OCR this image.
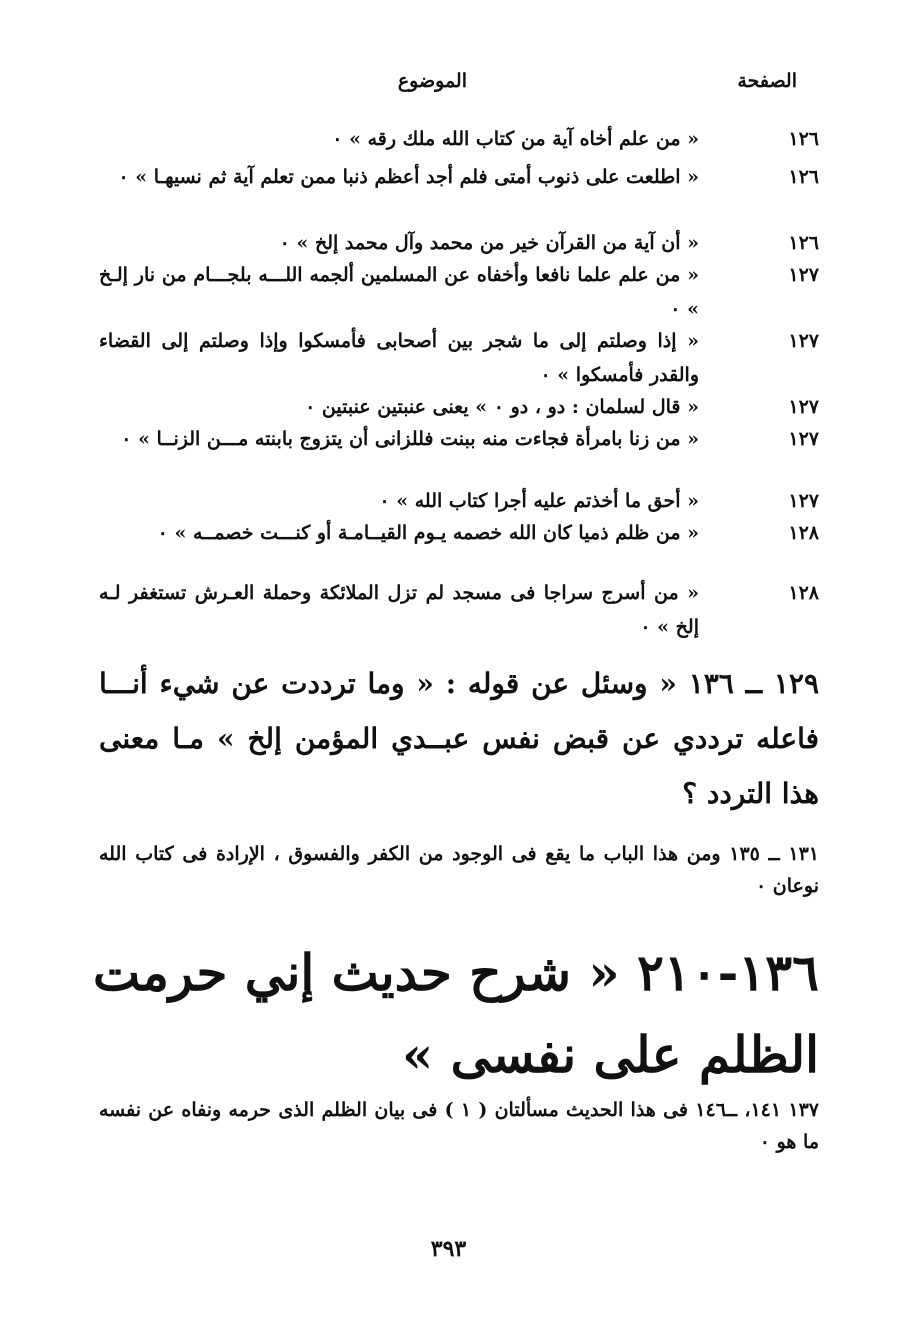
الصفحة
الموضوع
١٢٦
« من علم أخاه آية من كتاب الله ملك رقه » ٠
١٢٦
« اطلعت على ذنوب أمتى فلم أجد أعظم ذنبا ممن تعلم آية ثم نسيهـا » ٠
١٢٦
« أن آية من القرآن خير من محمد وآل محمد إلخ » ٠
١٢٧
« من علم علما نافعا وأخفاه عن المسلمين ألجمه اللـــه بلجـــام من نار إلـخ » ٠
١٢٧
« إذا وصلتم إلى ما شجر بين أصحابى فأمسكوا وإذا وصلتم إلى القضاء والقدر فأمسكوا » ٠
١٢٧
« قال لسلمان : دو ، دو ٠ » يعنى عنبتين عنبتين ٠
١٢٧
« من زنا بامرأة فجاءت منه ببنت فللزانى أن يتزوج بابنته مـــن الزنــا » ٠
١٢٧
« أحق ما أخذتم عليه أجرا كتاب الله » ٠
١٢٨
« من ظلم ذميا كان الله خصمه يـوم القيــامـة أو كنـــت خصمــه » ٠
١٢٨
« من أسرج سراجا فى مسجد لم تزل الملائكة وحملة العـرش تستغفر لـه إلخ » ٠
١٢٩ ــ ١٣٦ « وسئل عن قوله : « وما ترددت عن شيء أنـــا فاعله ترددي عن قبض نفس عبــدي المؤمن إلخ » مـا معنى هذا التردد ؟
١٣١ ــ ١٣٥ ومن هذا الباب ما يقع فى الوجود من الكفر والفسوق ، الإرادة فى كتاب الله نوعان ٠
١٣٦-٢١٠ « شرح حديث إني حرمت الظلم على نفسى »
١٣٧ ١٤١، ــ١٤٦ فى هذا الحديث مسألتان ( ١ ) فى بيان الظلم الذى حرمه ونفاه عن نفسه ما هو ٠
٣٩٣
